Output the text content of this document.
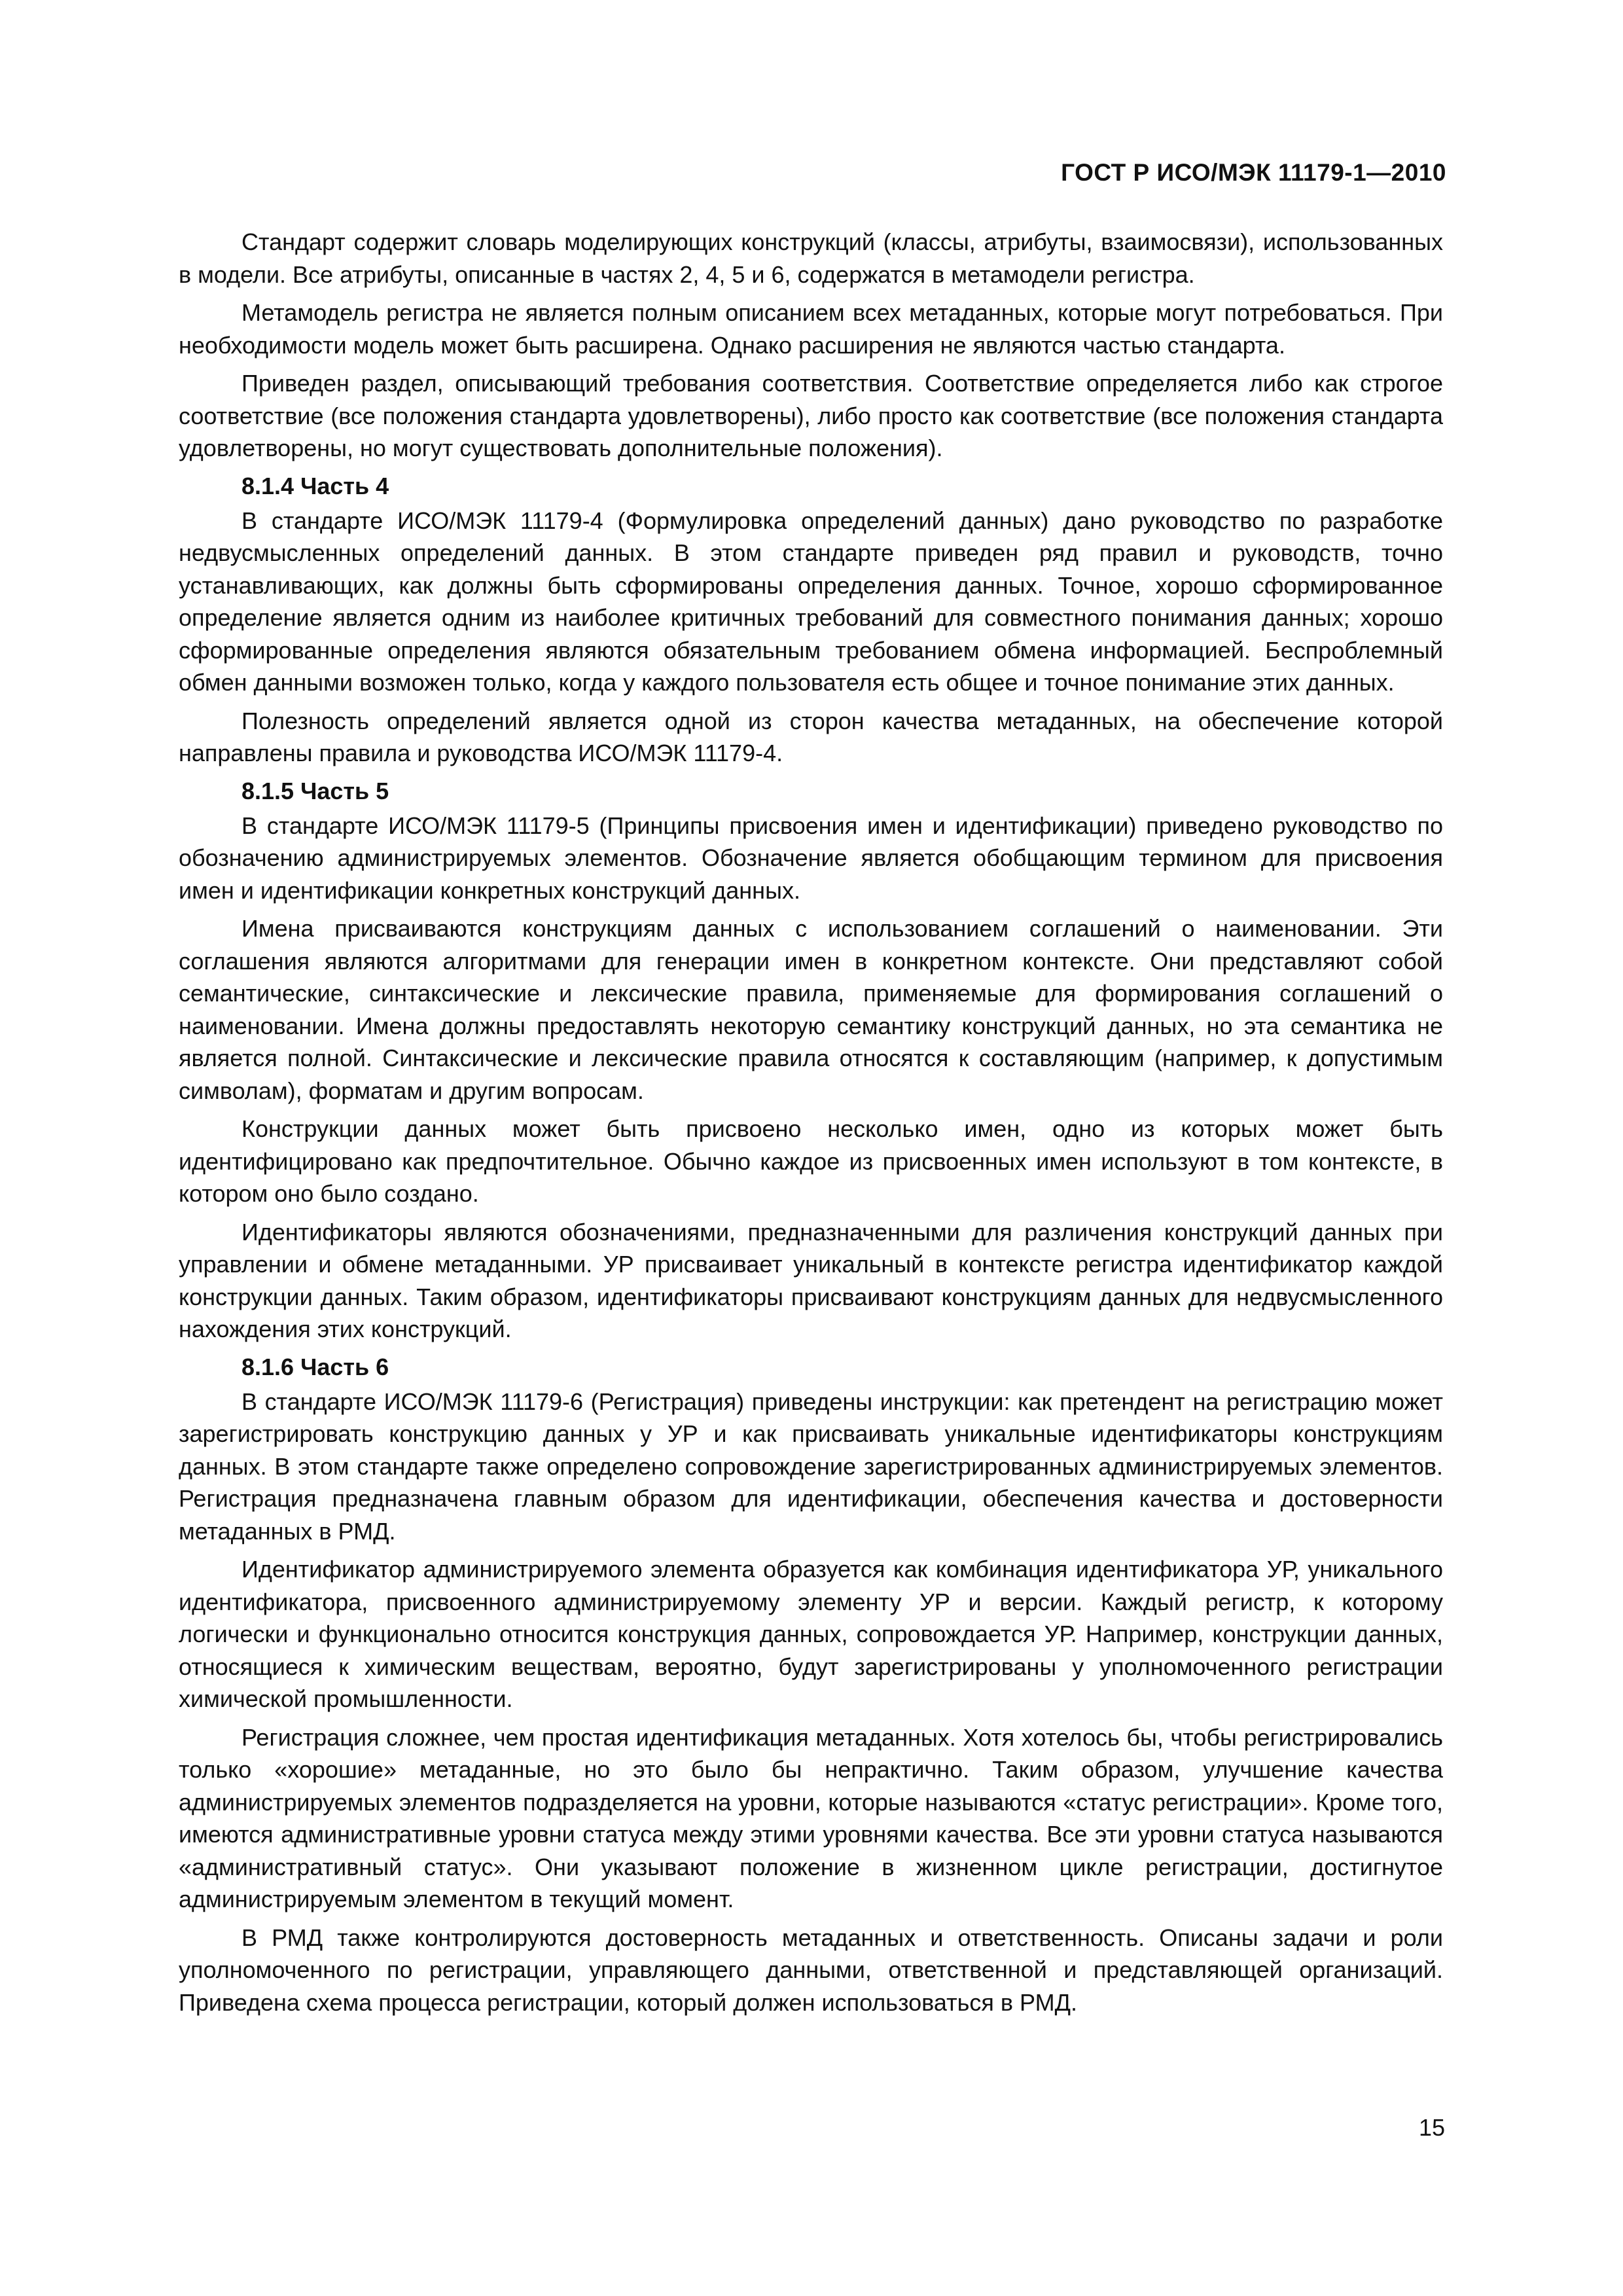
ГОСТ Р ИСО/МЭК 11179-1—2010

Стандарт содержит словарь моделирующих конструкций (классы, атрибуты, взаимосвязи), использованных в модели. Все атрибуты, описанные в частях 2, 4, 5 и 6, содержатся в метамодели регистра.

Метамодель регистра не является полным описанием всех метаданных, которые могут потребоваться. При необходимости модель может быть расширена. Однако расширения не являются частью стандарта.

Приведен раздел, описывающий требования соответствия. Соответствие определяется либо как строгое соответствие (все положения стандарта удовлетворены), либо просто как соответствие (все положения стандарта удовлетворены, но могут существовать дополнительные положения).

8.1.4 Часть 4

В стандарте ИСО/МЭК 11179-4 (Формулировка определений данных) дано руководство по разработке недвусмысленных определений данных. В этом стандарте приведен ряд правил и руководств, точно устанавливающих, как должны быть сформированы определения данных. Точное, хорошо сформированное определение является одним из наиболее критичных требований для совместного понимания данных; хорошо сформированные определения являются обязательным требованием обмена информацией. Беспроблемный обмен данными возможен только, когда у каждого пользователя есть общее и точное понимание этих данных.

Полезность определений является одной из сторон качества метаданных, на обеспечение которой направлены правила и руководства ИСО/МЭК 11179-4.

8.1.5 Часть 5

В стандарте ИСО/МЭК 11179-5 (Принципы присвоения имен и идентификации) приведено руководство по обозначению администрируемых элементов. Обозначение является обобщающим термином для присвоения имен и идентификации конкретных конструкций данных.

Имена присваиваются конструкциям данных с использованием соглашений о наименовании. Эти соглашения являются алгоритмами для генерации имен в конкретном контексте. Они представляют собой семантические, синтаксические и лексические правила, применяемые для формирования соглашений о наименовании. Имена должны предоставлять некоторую семантику конструкций данных, но эта семантика не является полной. Синтаксические и лексические правила относятся к составляющим (например, к допустимым символам), форматам и другим вопросам.

Конструкции данных может быть присвоено несколько имен, одно из которых может быть идентифицировано как предпочтительное. Обычно каждое из присвоенных имен используют в том контексте, в котором оно было создано.

Идентификаторы являются обозначениями, предназначенными для различения конструкций данных при управлении и обмене метаданными. УР присваивает уникальный в контексте регистра идентификатор каждой конструкции данных. Таким образом, идентификаторы присваивают конструкциям данных для недвусмысленного нахождения этих конструкций.

8.1.6 Часть 6

В стандарте ИСО/МЭК 11179-6 (Регистрация) приведены инструкции: как претендент на регистрацию может зарегистрировать конструкцию данных у УР и как присваивать уникальные идентификаторы конструкциям данных. В этом стандарте также определено сопровождение зарегистрированных администрируемых элементов. Регистрация предназначена главным образом для идентификации, обеспечения качества и достоверности метаданных в РМД.

Идентификатор администрируемого элемента образуется как комбинация идентификатора УР, уникального идентификатора, присвоенного администрируемому элементу УР и версии. Каждый регистр, к которому логически и функционально относится конструкция данных, сопровождается УР. Например, конструкции данных, относящиеся к химическим веществам, вероятно, будут зарегистрированы у уполномоченного регистрации химической промышленности.

Регистрация сложнее, чем простая идентификация метаданных. Хотя хотелось бы, чтобы регистрировались только «хорошие» метаданные, но это было бы непрактично. Таким образом, улучшение качества администрируемых элементов подразделяется на уровни, которые называются «статус регистрации». Кроме того, имеются административные уровни статуса между этими уровнями качества. Все эти уровни статуса называются «административный статус». Они указывают положение в жизненном цикле регистрации, достигнутое администрируемым элементом в текущий момент.

В РМД также контролируются достоверность метаданных и ответственность. Описаны задачи и роли уполномоченного по регистрации, управляющего данными, ответственной и представляющей организаций. Приведена схема процесса регистрации, который должен использоваться в РМД.

15
